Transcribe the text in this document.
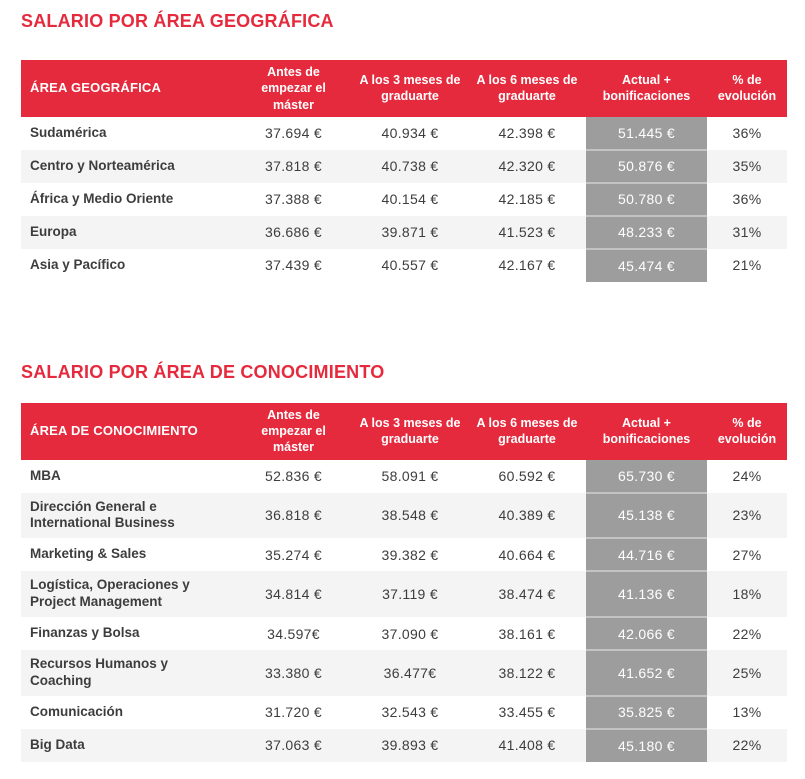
SALARIO POR ÁREA GEOGRÁFICA
ÁREA GEOGRÁFICA	Antes de empezar el máster	A los 3 meses de graduarte	A los 6 meses de graduarte	Actual + bonificaciones	% de evolución
Sudamérica	37.694 €	40.934 €	42.398 €	51.445 €	36%
Centro y Norteamérica	37.818 €	40.738 €	42.320 €	50.876 €	35%
África y Medio Oriente	37.388 €	40.154 €	42.185 €	50.780 €	36%
Europa	36.686 €	39.871 €	41.523 €	48.233 €	31%
Asia y Pacífico	37.439 €	40.557 €	42.167 €	45.474 €	21%
SALARIO POR ÁREA DE CONOCIMIENTO
ÁREA DE CONOCIMIENTO	Antes de empezar el máster	A los 3 meses de graduarte	A los 6 meses de graduarte	Actual + bonificaciones	% de evolución
MBA	52.836 €	58.091 €	60.592 €	65.730 €	24%
Dirección General e International Business	36.818 €	38.548 €	40.389 €	45.138 €	23%
Marketing & Sales	35.274 €	39.382 €	40.664 €	44.716 €	27%
Logística, Operaciones y Project Management	34.814 €	37.119 €	38.474 €	41.136 €	18%
Finanzas y Bolsa	34.597€	37.090 €	38.161 €	42.066 €	22%
Recursos Humanos y Coaching	33.380 €	36.477€	38.122 €	41.652 €	25%
Comunicación	31.720 €	32.543 €	33.455 €	35.825 €	13%
Big Data	37.063 €	39.893 €	41.408 €	45.180 €	22%
